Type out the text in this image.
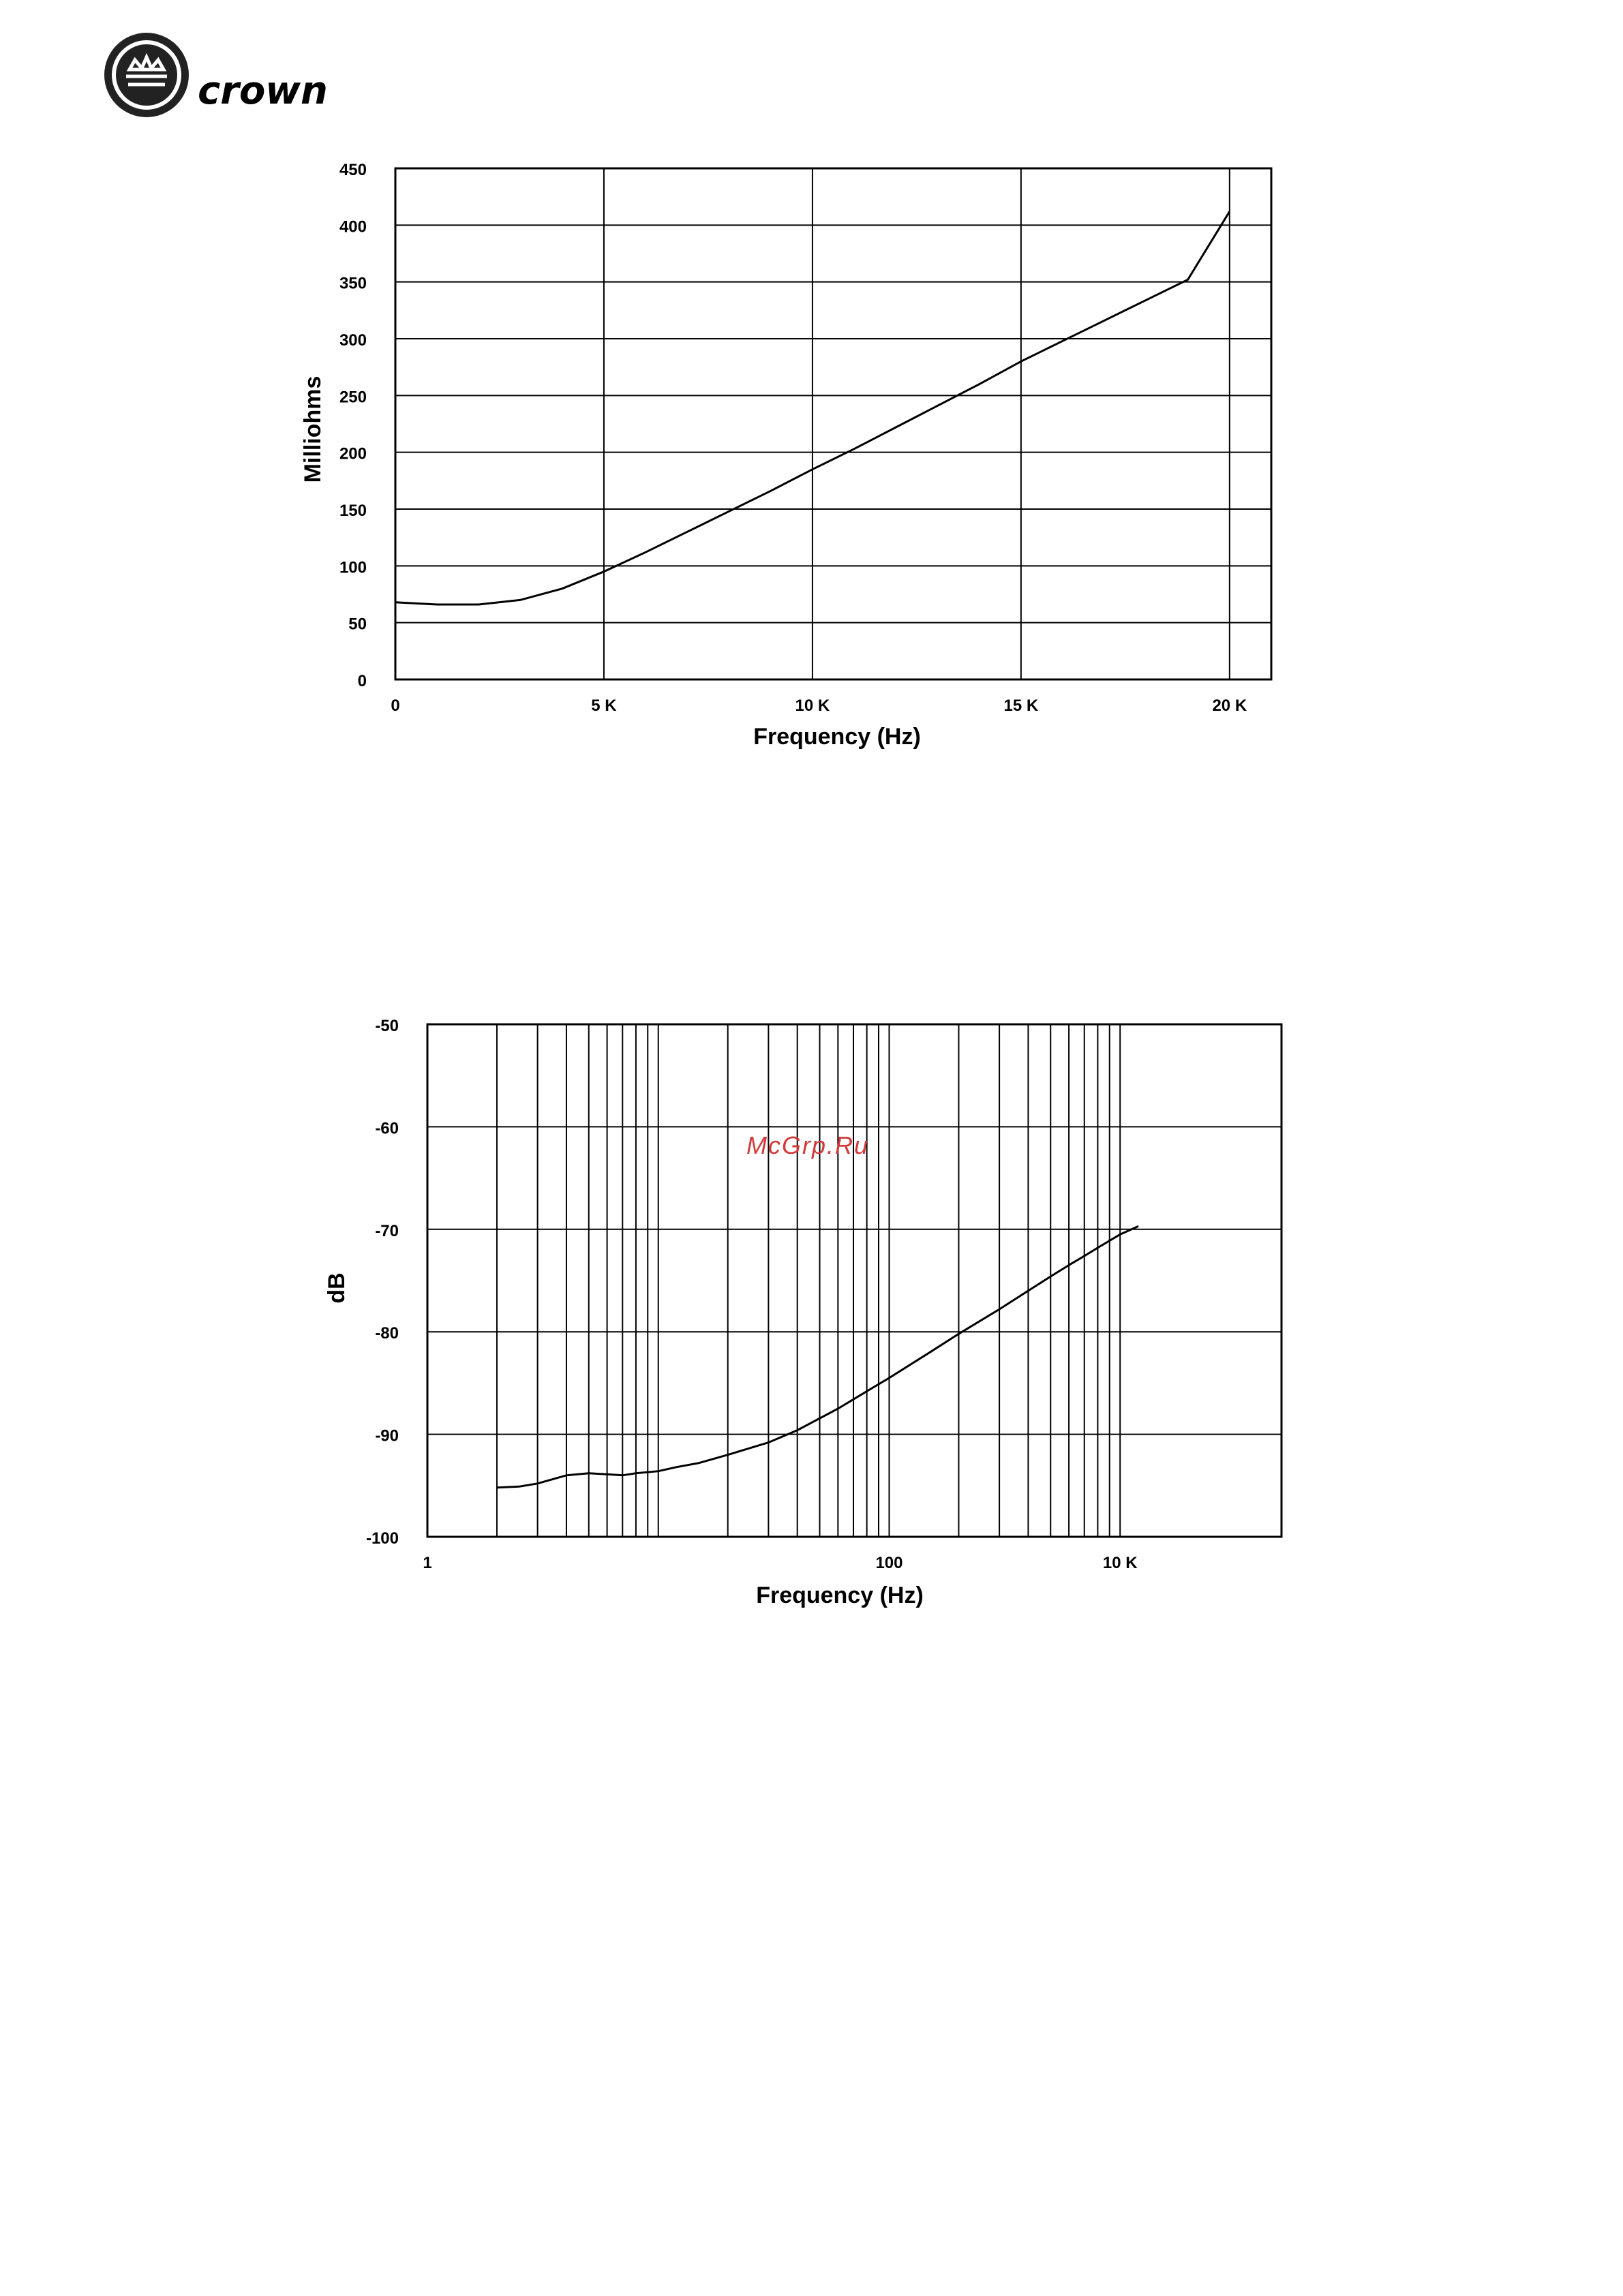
crown
0
50
100
150
200
250
300
350
400
450
0	5 K	10 K	15 K	20 K
Frequency (Hz)
Milliohms
-100
-90
-80
-70
-60
-50
1	100	10 K
Frequency (Hz)
dB
McGrp.Ru
